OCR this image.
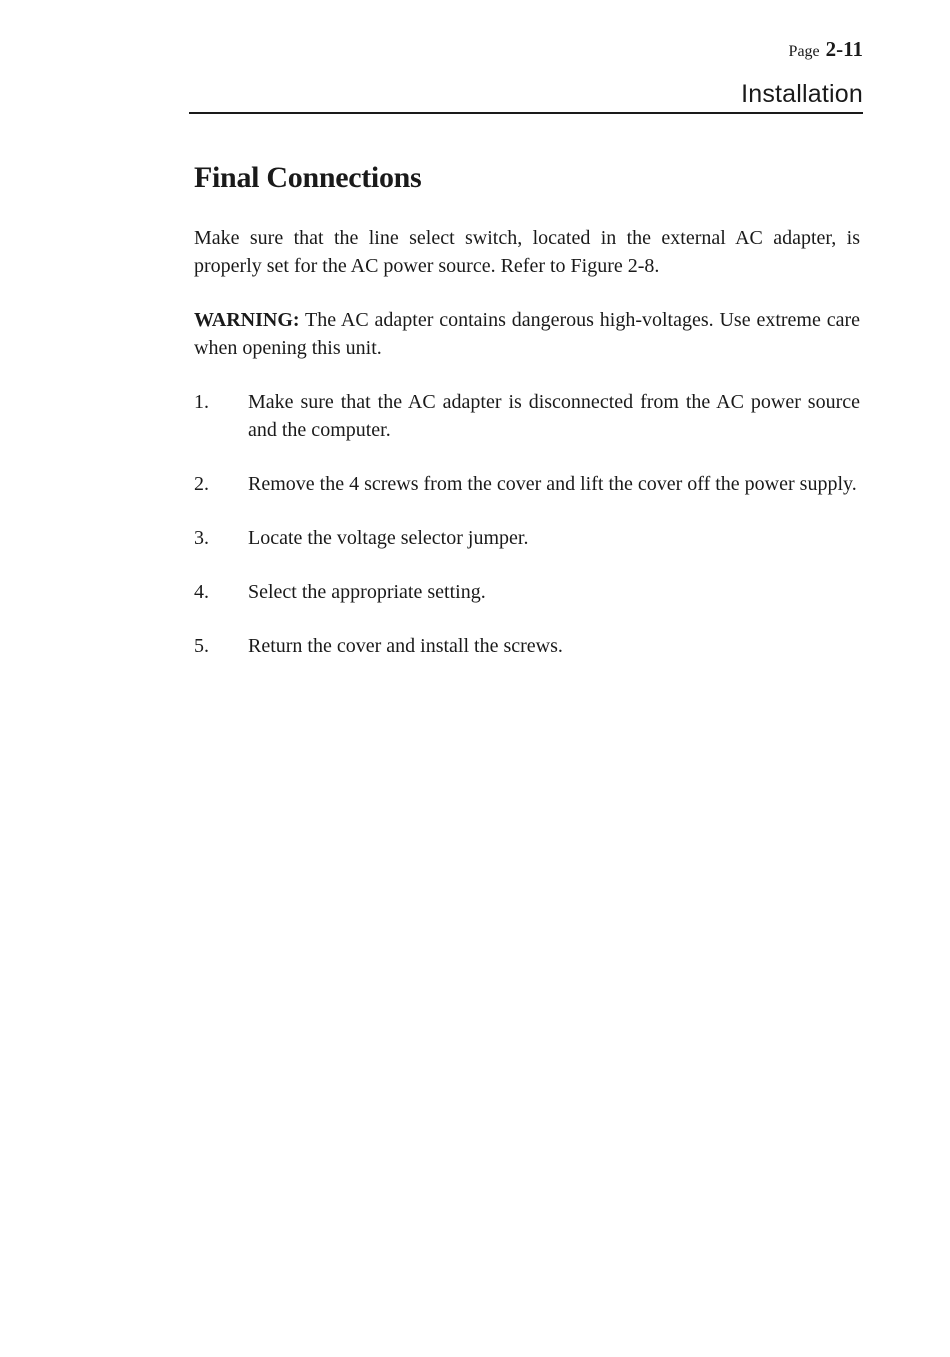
Page 2-11
Installation
Final Connections

Make sure that the line select switch, located in the external AC adapter, is properly set for the AC power source. Refer to Figure 2-8.

WARNING: The AC adapter contains dangerous high-voltages. Use extreme care when opening this unit.

1.	Make sure that the AC adapter is disconnected from the AC power source and the computer.
2.	Remove the 4 screws from the cover and lift the cover off the power supply.
3.	Locate the voltage selector jumper.
4.	Select the appropriate setting.
5.	Return the cover and install the screws.
